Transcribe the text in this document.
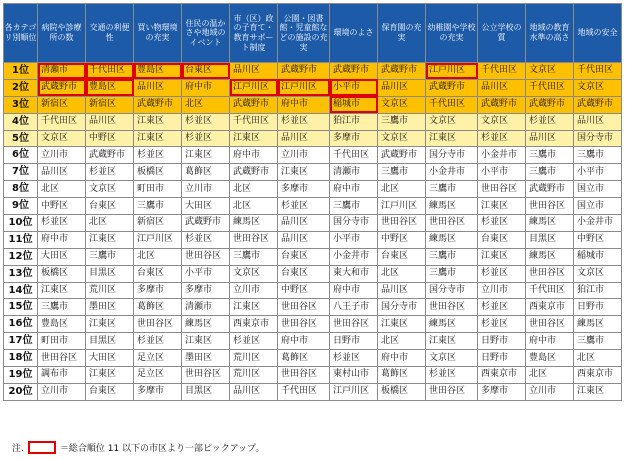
各カテゴリ別順位	病院や診療所の数	交通の利便性	買い物環境の充実	住民の温かさや地域のイベント	市（区）政の子育て・教育サポート制度	公園・図書館・児童館などの施設の充実	環境のよさ	保育園の充実	幼稚園や学校の充実	公立学校の質	地域の教育水準の高さ	地域の安全
1位	清瀬市	千代田区	豊島区	台東区	品川区	武蔵野市	武蔵野市	武蔵野市	江戸川区	千代田区	文京区	千代田区
2位	武蔵野市	豊島区	品川区	府中市	江戸川区	江戸川区	小平市	品川区	武蔵野市	品川区	千代田区	文京区
3位	新宿区	新宿区	武蔵野市	北区	武蔵野市	府中市	稲城市	文京区	千代田区	武蔵野市	武蔵野市	武蔵野市
4位	千代田区	品川区	江東区	杉並区	千代田区	杉並区	狛江市	三鷹市	文京区	文京区	杉並区	品川区
5位	文京区	中野区	江東区	杉並区	江東区	品川区	多摩市	文京区	江東区	杉並区	品川区	国分寺市
6位	立川市	武蔵野市	杉並区	江東区	府中市	立川市	千代田区	武蔵野市	国分寺市	小金井市	三鷹市	三鷹市
7位	品川区	杉並区	板橋区	葛飾区	武蔵野市	江東区	清瀬市	三鷹市	小金井市	小平市	三鷹市	小平市
8位	北区	文京区	町田市	立川市	北区	多摩市	府中市	北区	三鷹市	世田谷区	武蔵野市	国立市
9位	中野区	台東区	三鷹市	大田区	北区	杉並区	三鷹市	江戸川区	練馬区	江東区	世田谷区	国立市
10位	杉並区	北区	新宿区	武蔵野市	練馬区	品川区	国分寺市	世田谷区	世田谷区	杉並区	練馬区	小金井市
11位	府中市	江東区	江戸川区	杉並区	世田谷区	品川区	小平市	中野区	練馬区	台東区	目黒区	中野区
12位	大田区	三鷹市	北区	世田谷区	三鷹市	台東区	小金井市	台東区	三鷹市	江東区	練馬区	稲城市
13位	板橋区	目黒区	台東区	小平市	文京区	台東区	東大和市	北区	三鷹市	杉並区	世田谷区	文京区
14位	江東区	荒川区	多摩市	多摩市	立川市	中野区	府中市	品川区	国分寺市	立川市	千代田区	狛江市
15位	三鷹市	墨田区	葛飾区	清瀬市	江東区	世田谷区	八王子市	国分寺市	世田谷区	杉並区	西東京市	日野市
16位	豊島区	江東区	世田谷区	練馬区	西東京市	世田谷区	世田谷区	江東区	練馬区	杉並区	世田谷区	練馬区
17位	町田市	目黒区	杉並区	江東区	杉並区	府中市	日野市	北区	江東区	日野市	府中市	三鷹市
18位	世田谷区	大田区	足立区	墨田区	荒川区	葛飾区	杉並区	府中市	文京区	日野市	豊島区	北区
19位	調布市	江東区	足立区	世田谷区	荒川区	世田谷区	東村山市	葛飾区	杉並区	西東京市	北区	西東京市
20位	立川市	台東区	多摩市	目黒区	品川区	千代田区	江戸川区	板橋区	世田谷区	多摩市	立川市	江東区
注.	＝総合順位 11 以下の市区より一部ピックアップ。
